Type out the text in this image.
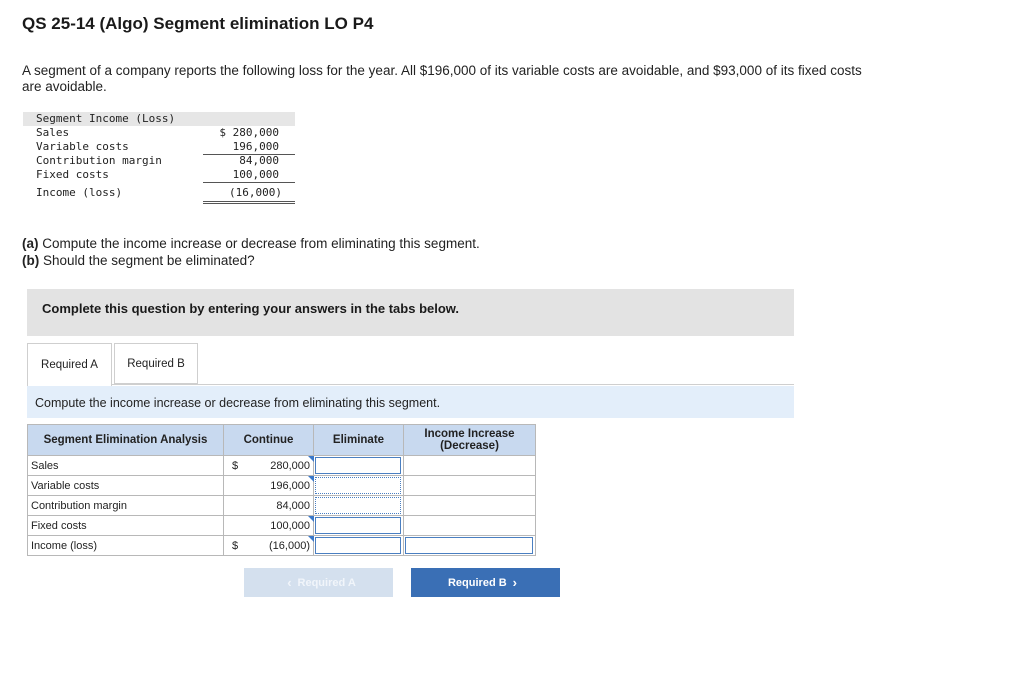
QS 25-14 (Algo) Segment elimination LO P4
A segment of a company reports the following loss for the year. All $196,000 of its variable costs are avoidable, and $93,000 of its fixed costs are avoidable.
Segment Income (Loss)
Sales	$ 280,000
Variable costs	196,000
Contribution margin	84,000
Fixed costs	100,000
Income (loss)	(16,000)
(a) Compute the income increase or decrease from eliminating this segment.
(b) Should the segment be eliminated?
Complete this question by entering your answers in the tabs below.
Required A	Required B
Compute the income increase or decrease from eliminating this segment.
Segment Elimination Analysis	Continue		Eliminate	Income Increase (Decrease)
Sales	$	280,000

Variable costs		196,000

Contribution margin		84,000	

Fixed costs		100,000

Income (loss)	$	(16,000)

‹ Required A	Required B ›
